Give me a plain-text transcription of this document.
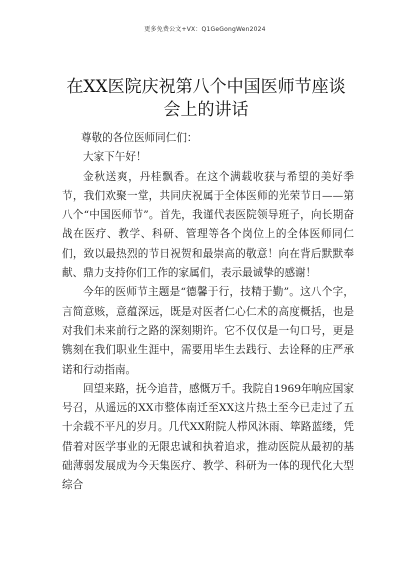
更多免费公文+VX：Q1GeGongWen2024
在XX医院庆祝第八个中国医师节座谈会上的讲话

尊敬的各位医师同仁们：

大家下午好！

金秋送爽，丹桂飘香。在这个满载收获与希望的美好季节，我们欢聚一堂，共同庆祝属于全体医师的光荣节日——第八个“中国医师节”。首先，我谨代表医院领导班子，向长期奋战在医疗、教学、科研、管理等各个岗位上的全体医师同仁们，致以最热烈的节日祝贺和最崇高的敬意！向在背后默默奉献、鼎力支持你们工作的家属们，表示最诚挚的感谢！

今年的医师节主题是“德馨于行，技精于勤”。这八个字，言简意赅，意蕴深远，既是对医者仁心仁术的高度概括，也是对我们未来前行之路的深刻期许。它不仅仅是一句口号，更是镌刻在我们职业生涯中，需要用毕生去践行、去诠释的庄严承诺和行动指南。

回望来路，抚今追昔，感慨万千。我院自1969年响应国家号召，从遥远的XX市整体南迁至XX这片热土至今已走过了五十余载不平凡的岁月。几代XX附院人栉风沐雨、筚路蓝缕，凭借着对医学事业的无限忠诚和执着追求，推动医院从最初的基础薄弱发展成为今天集医疗、教学、科研为一体的现代化大型综合
